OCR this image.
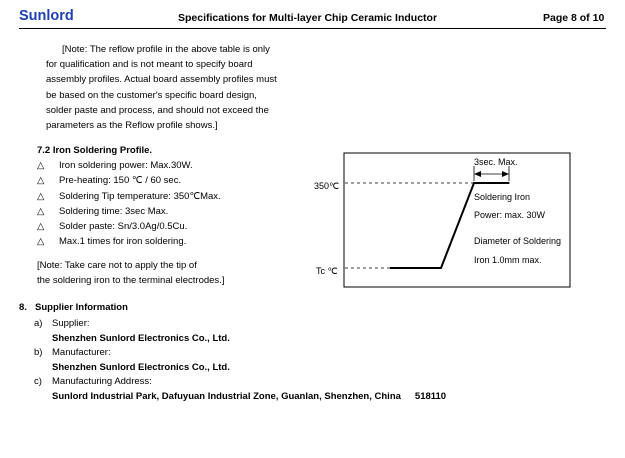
Sunlord	Specifications for Multi-layer Chip Ceramic Inductor	Page 8 of 10
[Note: The reflow profile in the above table is only
for qualification and is not meant to specify board
assembly profiles. Actual board assembly profiles must
be based on the customer's specific board design,
solder paste and process, and should not exceed the
parameters as the Reflow profile shows.]
7.2 Iron Soldering Profile.
△ Iron soldering power: Max.30W.
△ Pre-heating: 150 ℃ / 60 sec.
△ Soldering Tip temperature: 350℃Max.
△ Soldering time: 3sec Max.
△ Solder paste: Sn/3.0Ag/0.5Cu.
△ Max.1 times for iron soldering.
[Note: Take care not to apply the tip of
the soldering iron to the terminal electrodes.]
350℃
Tc ℃
3sec. Max.
Soldering Iron
Power: max. 30W
Diameter of Soldering
Iron 1.0mm max.
8. Supplier Information
a) Supplier:
Shenzhen Sunlord Electronics Co., Ltd.
b) Manufacturer:
Shenzhen Sunlord Electronics Co., Ltd.
c) Manufacturing Address:
Sunlord Industrial Park, Dafuyuan Industrial Zone, Guanlan, Shenzhen, China 518110
